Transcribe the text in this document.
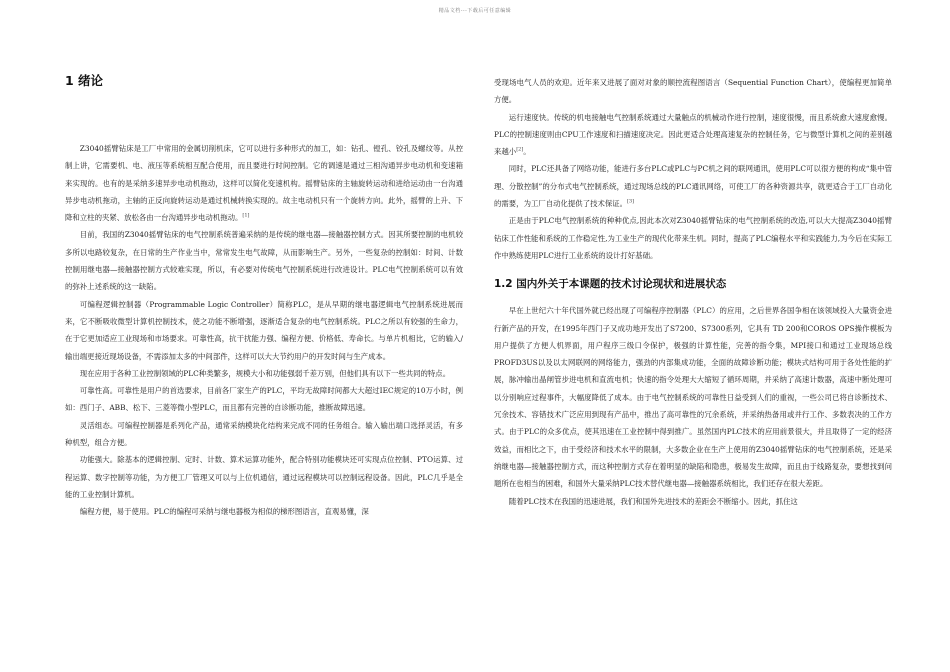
精品文档---下载后可任意编辑
1 绪论

Z3040摇臂钻床是工厂中常用的金属切削机床，它可以进行多种形式的加工，如：钻孔、镗孔、铰孔及螺纹等。从控制上讲，它需要机、电、液压等系统相互配合使用，而且要进行时间控制。它的调速是通过三相沟通异步电动机和变速箱来实现的。也有的是采纳多速异步电动机拖动，这样可以简化变速机构。摇臂钻床的主轴旋转运动和进给运动由一台沟通异步电动机拖动，主轴的正反向旋转运动是通过机械转换实现的。故主电动机只有一个旋转方向。此外，摇臂的上升、下降和立柱的夹紧、放松各由一台沟通异步电动机拖动。[1]

目前，我国的Z3040摇臂钻床的电气控制系统普遍采纳的是传统的继电器—接触器控制方式。因其所要控制的电机较多所以电路较复杂，在日常的生产作业当中，常常发生电气故障，从而影响生产。另外，一些复杂的控制如：时间、计数控制用继电器—接触器控制方式较难实现，所以，有必要对传统电气控制系统进行改进设计。PLC电气控制系统可以有效的弥补上述系统的这一缺陷。

可编程逻辑控制器（Programmable Logic Controller）简称PLC，是从早期的继电器逻辑电气控制系统进展而来，它不断吸收微型计算机控制技术，使之功能不断增强，逐渐适合复杂的电气控制系统。PLC之所以有较强的生命力，在于它更加适应工业现场和市场要求。可靠性高，抗干扰能力强、编程方便、价格低、寿命长。与单片机相比，它的输入/输出端更接近现场设备，不需添加太多的中间部件，这样可以大大节约用户的开发时间与生产成本。

现在应用于各种工业控制领域的PLC种类繁多，规模大小和功能强弱千差万别，但他们具有以下一些共同的特点。

可靠性高。可靠性是用户的首选要求，目前各厂家生产的PLC，平均无故障时间都大大超过IEC规定的10万小时，例如：西门子、ABB、松下、三菱等微小型PLC，而且都有完善的自诊断功能，推断故障迅速。

灵活组态。可编程控制器是系列化产品，通常采纳模块化结构来完成不同的任务组合。输入输出端口选择灵活，有多种机型，组合方便。

功能强大。除基本的逻辑控制、定时、计数、算术运算功能外，配合特别功能模块还可实现点位控制、PTO运算、过程运算、数字控制等功能，为方便工厂管理又可以与上位机通信，通过远程模块可以控制远程设备。因此，PLC几乎是全能的工业控制计算机。

编程方便，易于使用。PLC的编程可采纳与继电器极为相似的梯形图语言，直观易懂，深

受现场电气人员的欢迎。近年来又进展了面对对象的顺控流程图语言（Sequential Function Chart），使编程更加简单方便。

运行速度快。传统的机电接触电气控制系统通过大量触点的机械动作进行控制，速度很慢，而且系统愈大速度愈慢。PLC的控制速度则由CPU工作速度和扫描速度决定。因此更适合处理高速复杂的控制任务，它与微型计算机之间的差别越来越小[2]。

同时，PLC还具备了网络功能，能进行多台PLC或PLC与PC机之间的联网通讯，使用PLC可以很方便的构成“集中管理、分散控制”的分布式电气控制系统，通过现场总线的PLC通讯网络，可使工厂的各种资源共享，就更适合于工厂自动化的需要，为工厂自动化提供了技术保证。[3]

正是由于PLC电气控制系统的种种优点,因此本次对Z3040摇臂钻床的电气控制系统的改造,可以大大提高Z3040摇臂钻床工作性能和系统的工作稳定性,为工业生产的现代化带来生机。同时，提高了PLC编程水平和实践能力,为今后在实际工作中熟练使用PLC进行工业系统的设计打好基础。

1.2 国内外关于本课题的技术讨论现状和进展状态

早在上世纪六十年代国外就已经出现了可编程序控制器（PLC）的应用，之后世界各国争相在该领域投入大量资金进行新产品的开发，在1995年西门子又成功地开发出了S7200、S7300系列，它具有 TD 200和COROS OPS操作模板为用户提供了方便人机界面，用户程序三级口令保护，极强的计算性能，完善的指令集，MPI接口和通过工业现场总线PROFD3US以及以太网联网的网络能力，强劲的内部集成功能，全面的故障诊断功能；模块式结构可用于各处性能的扩展，脉冲输出晶闸管步进电机和直流电机；快速的指令处理大大缩短了循环周期，并采纳了高速计数器，高速中断处理可以分别响应过程事件，大幅度降低了成本。由于电气控制系统的可靠性日益受到人们的重视，一些公司已将自诊断技术、冗余技术、容错技术广泛应用到现有产品中，推出了高可靠性的冗余系统，并采纳热备用或并行工作、多数表决的工作方式。由于PLC的众多优点，使其迅速在工业控制中得到推广。虽然国内PLC技术的应用前景很大，并且取得了一定的经济效益，而相比之下，由于受经济和技术水平的限制，大多数企业在生产上使用的Z3040摇臂钻床的电气控制系统，还是采纳继电器—接触器控制方式，而这种控制方式存在着明显的缺陷和隐患，极易发生故障，而且由于线路复杂，要想找到问题所在也相当的困难，和国外大量采纳PLC技术替代继电器—接触器系统相比，我们还存在很大差距。

随着PLC技术在我国的迅速进展，我们和国外先进技术的差距会不断缩小。因此，抓住这
